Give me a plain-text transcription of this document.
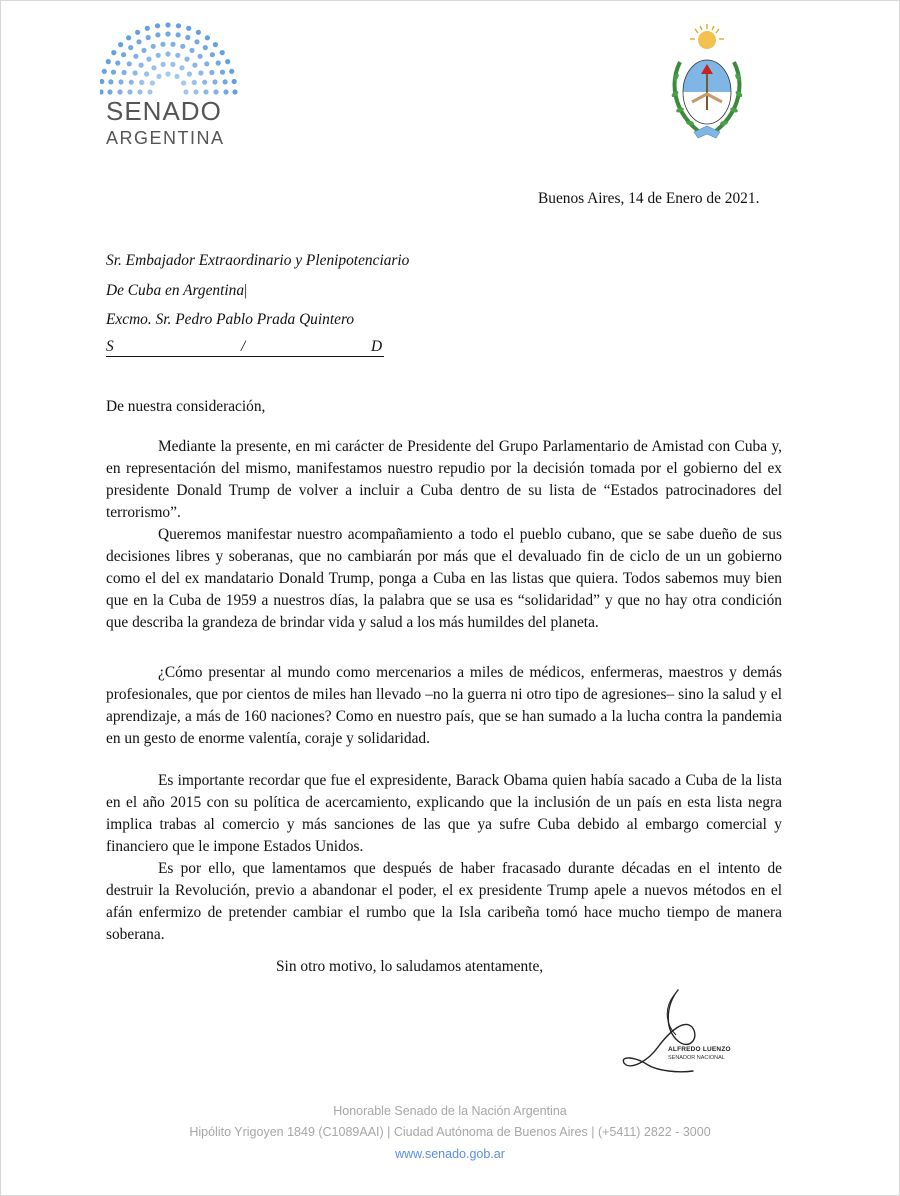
SENADO
ARGENTINA
Buenos Aires, 14 de Enero de 2021.
Sr. Embajador Extraordinario y Plenipotenciario
De Cuba en Argentina|
Excmo. Sr. Pedro Pablo Prada Quintero
S	/	D
De nuestra consideración,
Mediante la presente, en mi carácter de Presidente del Grupo Parlamentario de Amistad con Cuba y, en representación del mismo, manifestamos nuestro repudio por la decisión tomada por el gobierno del ex presidente Donald Trump de volver a incluir a Cuba dentro de su lista de “Estados patrocinadores del terrorismo”.
Queremos manifestar nuestro acompañamiento a todo el pueblo cubano, que se sabe dueño de sus decisiones libres y soberanas, que no cambiarán por más que el devaluado fin de ciclo de un un gobierno como el del ex mandatario Donald Trump, ponga a Cuba en las listas que quiera. Todos sabemos muy bien que en la Cuba de 1959 a nuestros días, la palabra que se usa es “solidaridad” y que no hay otra condición que describa la grandeza de brindar vida y salud a los más humildes del planeta.
¿Cómo presentar al mundo como mercenarios a miles de médicos, enfermeras, maestros y demás profesionales, que por cientos de miles han llevado –no la guerra ni otro tipo de agresiones– sino la salud y el aprendizaje, a más de 160 naciones? Como en nuestro país, que se han sumado a la lucha contra la pandemia en un gesto de enorme valentía, coraje y solidaridad.
Es importante recordar que fue el expresidente, Barack Obama quien había sacado a Cuba de la lista en el año 2015 con su política de acercamiento, explicando que la inclusión de un país en esta lista negra implica trabas al comercio y más sanciones de las que ya sufre Cuba debido al embargo comercial y financiero que le impone Estados Unidos.
Es por ello, que lamentamos que después de haber fracasado durante décadas en el intento de destruir la Revolución, previo a abandonar el poder, el ex presidente Trump apele a nuevos métodos en el afán enfermizo de pretender cambiar el rumbo que la Isla caribeña tomó hace mucho tiempo de manera soberana.
Sin otro motivo, lo saludamos atentamente,
ALFREDO LUENZO
SENADOR NACIONAL
Honorable Senado de la Nación Argentina
Hipólito Yrigoyen 1849 (C1089AAI) | Ciudad Autónoma de Buenos Aires | (+5411) 2822 - 3000
www.senado.gob.ar
